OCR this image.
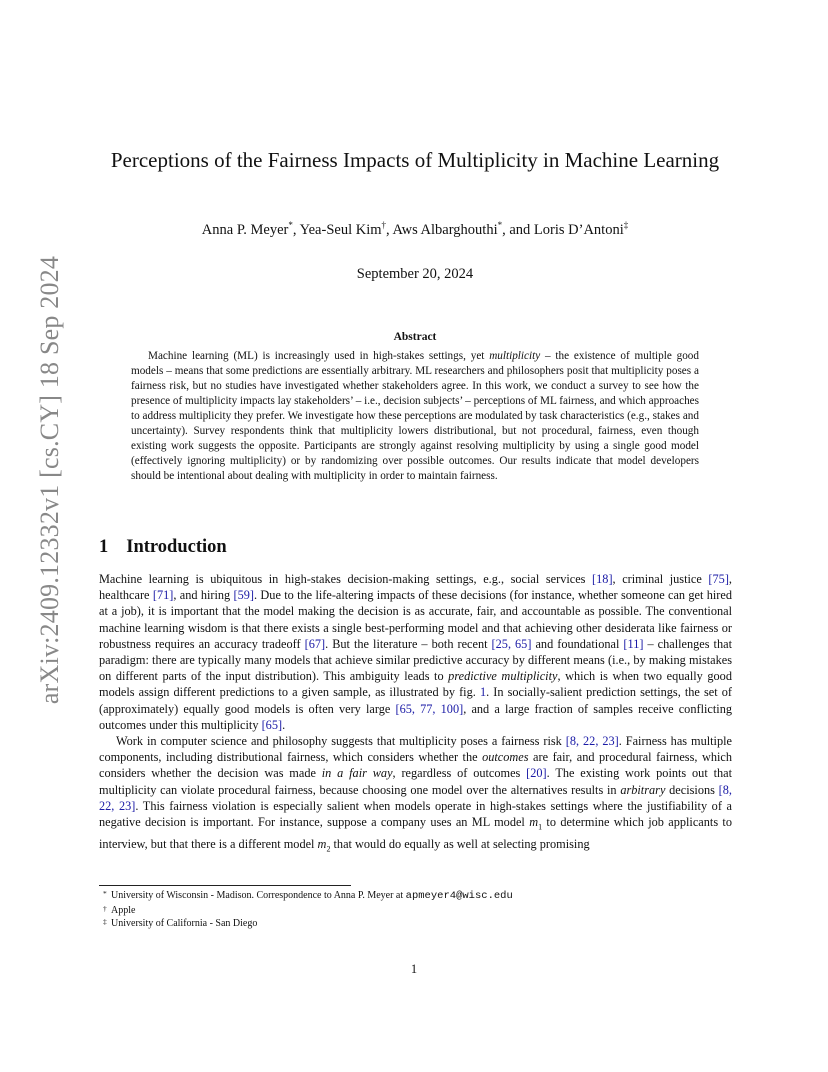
arXiv:2409.12332v1 [cs.CY] 18 Sep 2024
Perceptions of the Fairness Impacts of Multiplicity in Machine Learning
Anna P. Meyer*, Yea-Seul Kim†, Aws Albarghouthi*, and Loris D’Antoni‡
September 20, 2024
Abstract
Machine learning (ML) is increasingly used in high-stakes settings, yet multiplicity – the existence of multiple good models – means that some predictions are essentially arbitrary. ML researchers and philosophers posit that multiplicity poses a fairness risk, but no studies have investigated whether stakeholders agree. In this work, we conduct a survey to see how the presence of multiplicity impacts lay stakeholders’ – i.e., decision subjects’ – perceptions of ML fairness, and which approaches to address multiplicity they prefer. We investigate how these perceptions are modulated by task characteristics (e.g., stakes and uncertainty). Survey respondents think that multiplicity lowers distributional, but not procedural, fairness, even though existing work suggests the opposite. Participants are strongly against resolving multiplicity by using a single good model (effectively ignoring multiplicity) or by randomizing over possible outcomes. Our results indicate that model developers should be intentional about dealing with multiplicity in order to maintain fairness.
1 Introduction

Machine learning is ubiquitous in high-stakes decision-making settings, e.g., social services [18], criminal justice [75], healthcare [71], and hiring [59]. Due to the life-altering impacts of these decisions (for instance, whether someone can get hired at a job), it is important that the model making the decision is as accurate, fair, and accountable as possible. The conventional machine learning wisdom is that there exists a single best-performing model and that achieving other desiderata like fairness or robustness requires an accuracy tradeoff [67]. But the literature – both recent [25, 65] and foundational [11] – challenges that paradigm: there are typically many models that achieve similar predictive accuracy by different means (i.e., by making mistakes on different parts of the input distribution). This ambiguity leads to predictive multiplicity, which is when two equally good models assign different predictions to a given sample, as illustrated by fig. 1. In socially-salient prediction settings, the set of (approximately) equally good models is often very large [65, 77, 100], and a large fraction of samples receive conflicting outcomes under this multiplicity [65].

Work in computer science and philosophy suggests that multiplicity poses a fairness risk [8, 22, 23]. Fairness has multiple components, including distributional fairness, which considers whether the outcomes are fair, and procedural fairness, which considers whether the decision was made in a fair way, regardless of outcomes [20]. The existing work points out that multiplicity can violate procedural fairness, because choosing one model over the alternatives results in arbitrary decisions [8, 22, 23]. This fairness violation is especially salient when models operate in high-stakes settings where the justifiability of a negative decision is important. For instance, suppose a company uses an ML model $m_1$ to determine which job applicants to interview, but that there is a different model $m_2$ that would do equally as well at selecting promising

* University of Wisconsin - Madison. Correspondence to Anna P. Meyer at apmeyer4@wisc.edu
† Apple
‡ University of California - San Diego
1
